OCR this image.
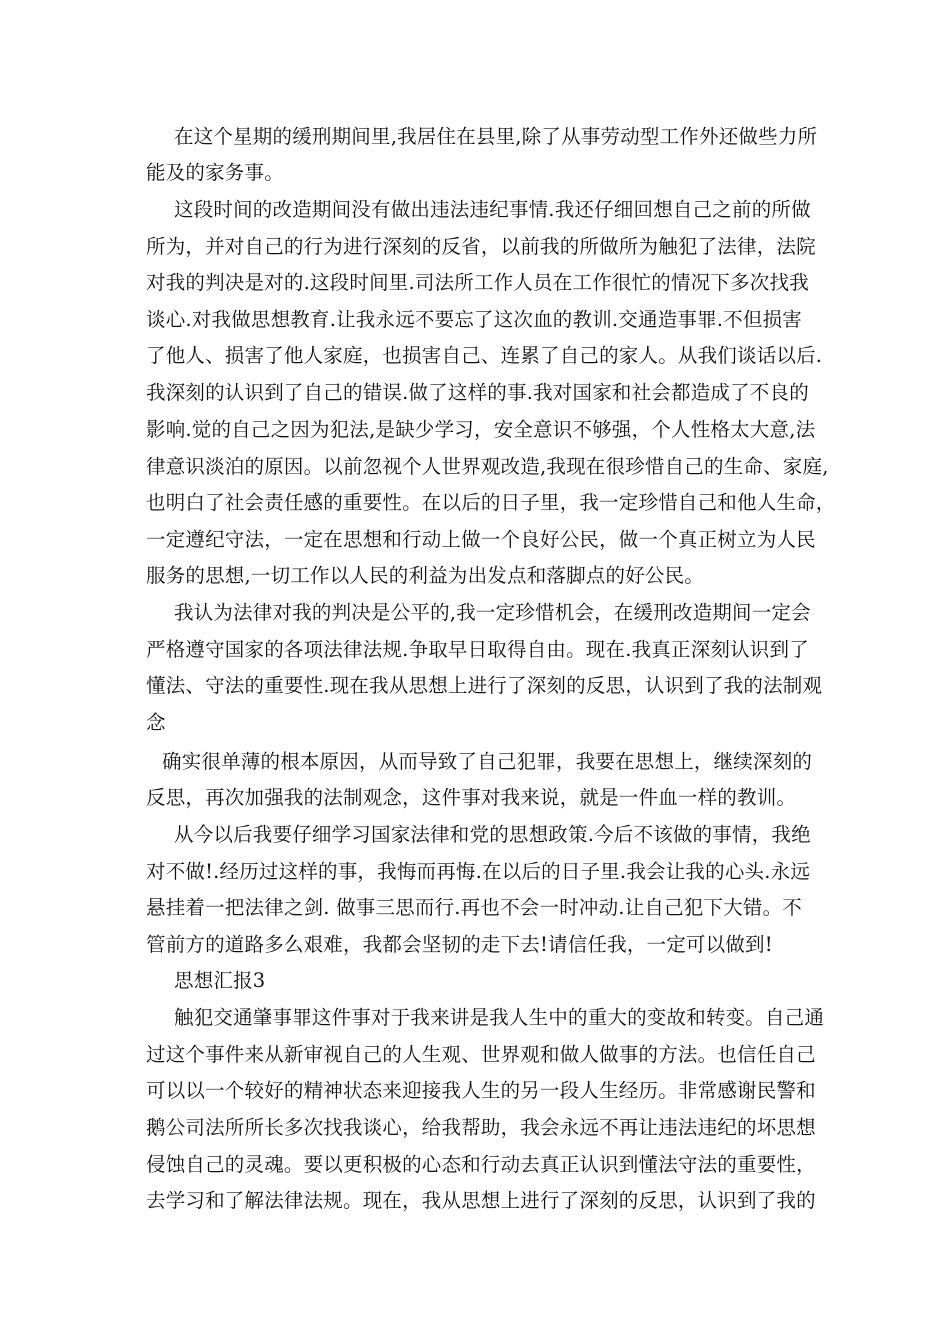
在这个星期的缓刑期间里,我居住在县里,除了从事劳动型工作外还做些力所
能及的家务事。
这段时间的改造期间没有做出违法违纪事情.我还仔细回想自己之前的所做
所为，并对自己的行为进行深刻的反省，以前我的所做所为触犯了法律，法院
对我的判决是对的.这段时间里.司法所工作人员在工作很忙的情况下多次找我
谈心.对我做思想教育.让我永远不要忘了这次血的教训.交通造事罪.不但损害
了他人、损害了他人家庭，也损害自己、连累了自己的家人。从我们谈话以后.
我深刻的认识到了自己的错误.做了这样的事.我对国家和社会都造成了不良的
影响.觉的自己之因为犯法,是缺少学习，安全意识不够强，个人性格太大意,法
律意识淡泊的原因。以前忽视个人世界观改造,我现在很珍惜自己的生命、家庭,
也明白了社会责任感的重要性。在以后的日子里，我一定珍惜自己和他人生命，
一定遵纪守法，一定在思想和行动上做一个良好公民，做一个真正树立为人民
服务的思想,一切工作以人民的利益为出发点和落脚点的好公民。
我认为法律对我的判决是公平的,我一定珍惜机会，在缓刑改造期间一定会
严格遵守国家的各项法律法规.争取早日取得自由。现在.我真正深刻认识到了
懂法、守法的重要性.现在我从思想上进行了深刻的反思，认识到了我的法制观
念
确实很单薄的根本原因，从而导致了自己犯罪，我要在思想上，继续深刻的
反思，再次加强我的法制观念，这件事对我来说，就是一件血一样的教训。
从今以后我要仔细学习国家法律和党的思想政策.今后不该做的事情，我绝
对不做!.经历过这样的事，我悔而再悔.在以后的日子里.我会让我的心头.永远
悬挂着一把法律之剑. 做事三思而行.再也不会一时冲动.让自己犯下大错。不
管前方的道路多么艰难，我都会坚韧的走下去!请信任我，一定可以做到!
思想汇报3
触犯交通肇事罪这件事对于我来讲是我人生中的重大的变故和转变。自己通
过这个事件来从新审视自己的人生观、世界观和做人做事的方法。也信任自己
可以以一个较好的精神状态来迎接我人生的另一段人生经历。非常感谢民警和
鹅公司法所所长多次找我谈心，给我帮助，我会永远不再让违法违纪的坏思想
侵蚀自己的灵魂。要以更积极的心态和行动去真正认识到懂法守法的重要性，
去学习和了解法律法规。现在，我从思想上进行了深刻的反思，认识到了我的
